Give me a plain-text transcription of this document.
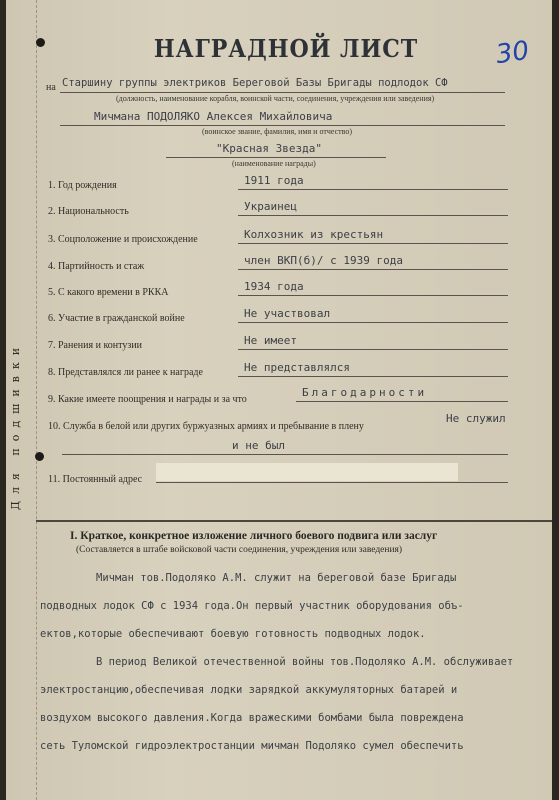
Для подшивки
НАГРАДНОЙ ЛИСТ	30
на Старшину группы электриков Береговой Базы Бригады подлодок СФ
(должность, наименование корабля, воинской части, соединения, учреждения или заведения)
Мичмана ПОДОЛЯКО Алексея Михайловича
(воинское звание, фамилия, имя и отчество)
"Красная Звезда"
(наименование награды)
1. Год рождения	1911 года
2. Национальность	Украинец
3. Соцположение и происхождение	Колхозник из крестьян
4. Партийность и стаж	член ВКП(б)/ с 1939 года
5. С какого времени в РККА	1934 года
6. Участие в гражданской войне	Не участвовал
7. Ранения и контузии	Не имеет
8. Представлялся ли ранее к награде	Не представлялся
9. Какие имеете поощрения и награды и за что
Благодарности
10. Служба в белой или других буржуазных армиях и пребывание в плену
Не служил
и не был
11. Постоянный адрес
I. Краткое, конкретное изложение личного боевого подвига или заслуг
(Составляется в штабе войсковой части соединения, учреждения или заведения)
Мичман тов.Подоляко А.М. служит на береговой базе Бригады
подводных лодок СФ с 1934 года.Он первый участник оборудования объ-
ектов,которые обеспечивают боевую готовность подводных лодок.
В период Великой отечественной войны тов.Подоляко А.М. обслуживает
электростанцию,обеспечивая лодки зарядкой аккумуляторных батарей и
воздухом высокого давления.Когда вражескими бомбами была повреждена
сеть Туломской гидроэлектростанции мичман Подоляко сумел обеспечить
